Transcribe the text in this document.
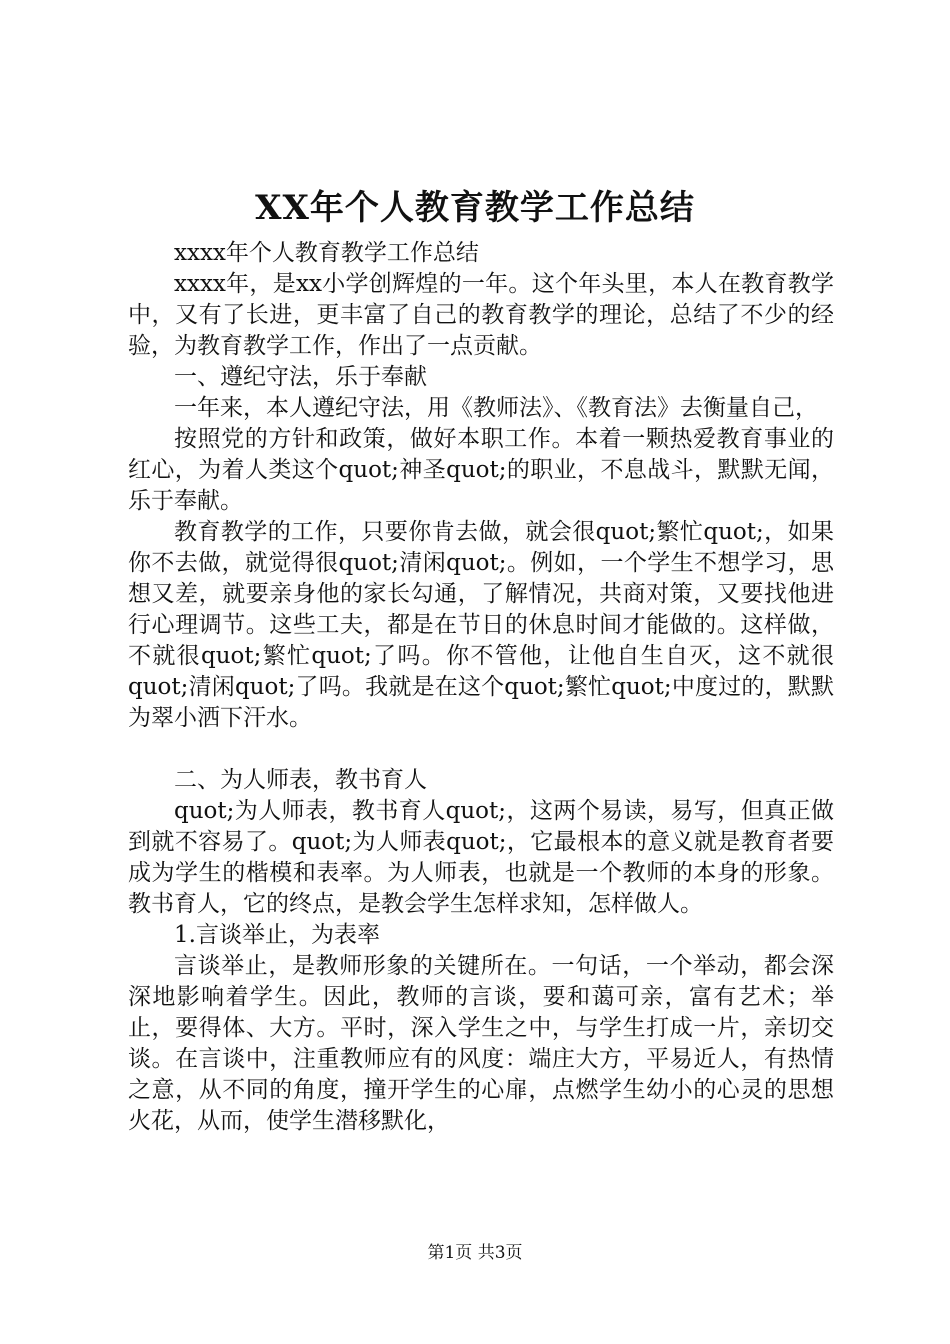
XX年个人教育教学工作总结

xxxx年个人教育教学工作总结

xxxx年，是xx小学创辉煌的一年。这个年头里，本人在教育教学中，又有了长进，更丰富了自己的教育教学的理论，总结了不少的经验，为教育教学工作，作出了一点贡献。

一、遵纪守法，乐于奉献

一年来，本人遵纪守法，用《教师法》、《教育法》去衡量自己，

按照党的方针和政策，做好本职工作。本着一颗热爱教育事业的红心，为着人类这个quot;神圣quot;的职业，不息战斗，默默无闻，乐于奉献。

教育教学的工作，只要你肯去做，就会很quot;繁忙quot;，如果你不去做，就觉得很quot;清闲quot;。例如，一个学生不想学习，思想又差，就要亲身他的家长勾通，了解情况，共商对策，又要找他进行心理调节。这些工夫，都是在节日的休息时间才能做的。这样做，不就很quot;繁忙quot;了吗。你不管他，让他自生自灭，这不就很quot;清闲quot;了吗。我就是在这个quot;繁忙quot;中度过的，默默为翠小洒下汗水。

二、为人师表，教书育人

quot;为人师表，教书育人quot;，这两个易读，易写，但真正做到就不容易了。quot;为人师表quot;，它最根本的意义就是教育者要成为学生的楷模和表率。为人师表，也就是一个教师的本身的形象。教书育人，它的终点，是教会学生怎样求知，怎样做人。

1.言谈举止，为表率

言谈举止，是教师形象的关键所在。一句话，一个举动，都会深深地影响着学生。因此，教师的言谈，要和蔼可亲，富有艺术；举止，要得体、大方。平时，深入学生之中，与学生打成一片，亲切交谈。在言谈中，注重教师应有的风度：端庄大方，平易近人，有热情之意，从不同的角度，撞开学生的心扉，点燃学生幼小的心灵的思想火花，从而，使学生潜移默化，

第1页 共3页
